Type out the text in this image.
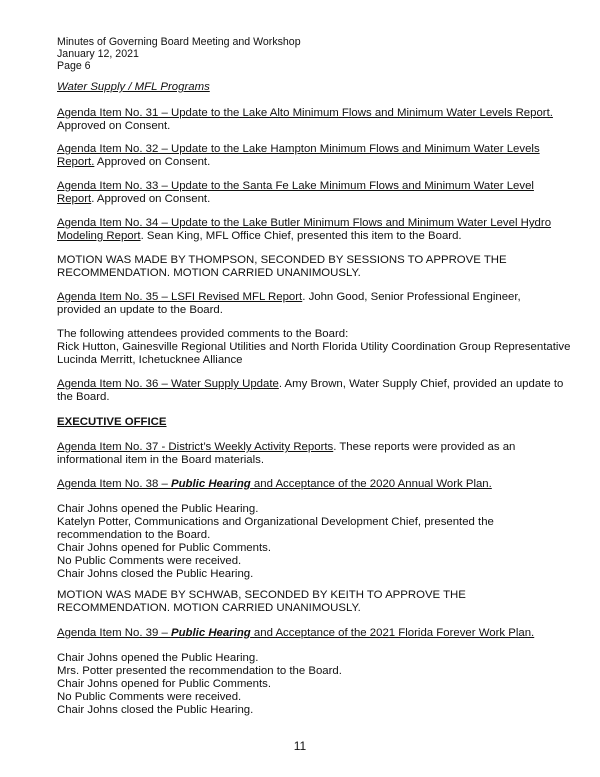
Minutes of Governing Board Meeting and Workshop
January 12, 2021
Page 6
Water Supply / MFL Programs
Agenda Item No. 31 – Update to the Lake Alto Minimum Flows and Minimum Water Levels Report.
Approved on Consent.
Agenda Item No. 32 – Update to the Lake Hampton Minimum Flows and Minimum Water Levels
Report. Approved on Consent.
Agenda Item No. 33 – Update to the Santa Fe Lake Minimum Flows and Minimum Water Level
Report. Approved on Consent.
Agenda Item No. 34 – Update to the Lake Butler Minimum Flows and Minimum Water Level Hydro
Modeling Report. Sean King, MFL Office Chief, presented this item to the Board.
MOTION WAS MADE BY THOMPSON, SECONDED BY SESSIONS TO APPROVE THE
RECOMMENDATION. MOTION CARRIED UNANIMOUSLY.
Agenda Item No. 35 – LSFI Revised MFL Report. John Good, Senior Professional Engineer,
provided an update to the Board.
The following attendees provided comments to the Board:
Rick Hutton, Gainesville Regional Utilities and North Florida Utility Coordination Group Representative
Lucinda Merritt, Ichetucknee Alliance
Agenda Item No. 36 – Water Supply Update. Amy Brown, Water Supply Chief, provided an update to
the Board.
EXECUTIVE OFFICE
Agenda Item No. 37 - District’s Weekly Activity Reports. These reports were provided as an
informational item in the Board materials.
Agenda Item No. 38 – Public Hearing and Acceptance of the 2020 Annual Work Plan.
Chair Johns opened the Public Hearing.
Katelyn Potter, Communications and Organizational Development Chief, presented the
recommendation to the Board.
Chair Johns opened for Public Comments.
No Public Comments were received.
Chair Johns closed the Public Hearing.
MOTION WAS MADE BY SCHWAB, SECONDED BY KEITH TO APPROVE THE
RECOMMENDATION. MOTION CARRIED UNANIMOUSLY.
Agenda Item No. 39 – Public Hearing and Acceptance of the 2021 Florida Forever Work Plan.
Chair Johns opened the Public Hearing.
Mrs. Potter presented the recommendation to the Board.
Chair Johns opened for Public Comments.
No Public Comments were received.
Chair Johns closed the Public Hearing.
11
